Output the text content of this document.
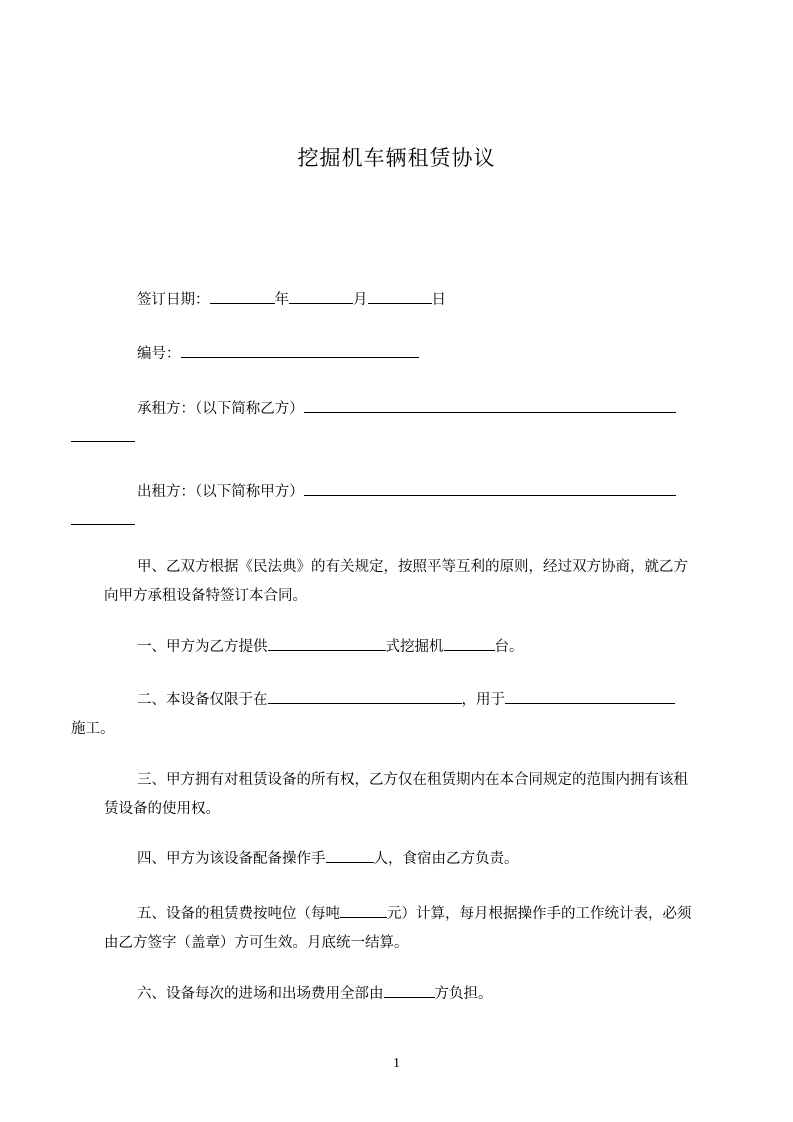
挖掘机车辆租赁协议
签订日期：	年	月	日
编号：
承租方：（以下简称乙方）

出租方：（以下简称甲方）

甲、乙双方根据《民法典》的有关规定，按照平等互利的原则，经过双方协商，就乙方向甲方承租设备特签订本合同。
一、甲方为乙方提供	式挖掘机	台。
二、本设备仅限于在	，用于
施工。
三、甲方拥有对租赁设备的所有权，乙方仅在租赁期内在本合同规定的范围内拥有该租赁设备的使用权。
四、甲方为该设备配备操作手	人，食宿由乙方负责。
五、设备的租赁费按吨位（每吨	元）计算，每月根据操作手的工作统计表，必须由乙方签字（盖章）方可生效。月底统一结算。
六、设备每次的进场和出场费用全部由	方负担。
1
